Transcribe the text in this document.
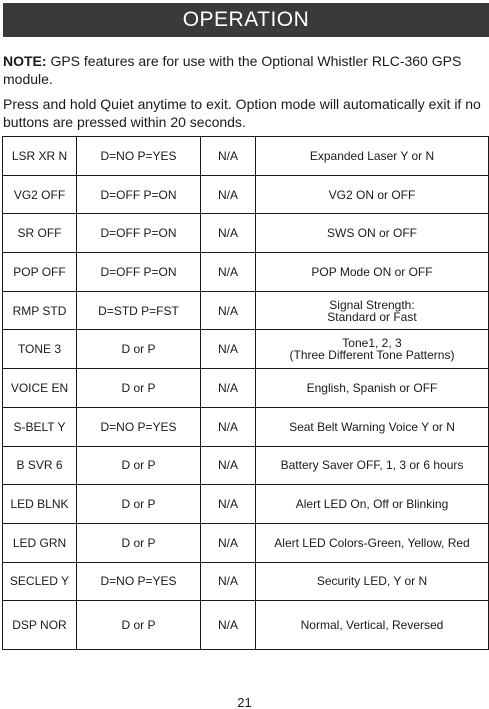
OPERATION

NOTE: GPS features are for use with the Optional Whistler RLC-360 GPS module.

Press and hold Quiet anytime to exit. Option mode will automatically exit if no buttons are pressed within 20 seconds.

LSR XR N	D=NO P=YES	N/A	Expanded Laser Y or N
VG2 OFF	D=OFF P=ON	N/A	VG2 ON or OFF
SR OFF	D=OFF P=ON	N/A	SWS ON or OFF
POP OFF	D=OFF P=ON	N/A	POP Mode ON or OFF
RMP STD	D=STD P=FST	N/A	Signal Strength:
Standard or Fast
TONE 3	D or P	N/A	Tone1, 2, 3
(Three Different Tone Patterns)
VOICE EN	D or P	N/A	English, Spanish or OFF
S-BELT Y	D=NO P=YES	N/A	Seat Belt Warning Voice Y or N
B SVR 6	D or P	N/A	Battery Saver OFF, 1, 3 or 6 hours
LED BLNK	D or P	N/A	Alert LED On, Off or Blinking
LED GRN	D or P	N/A	Alert LED Colors-Green, Yellow, Red
SECLED Y	D=NO P=YES	N/A	Security LED, Y or N
DSP NOR	D or P	N/A	Normal, Vertical, Reversed
21
